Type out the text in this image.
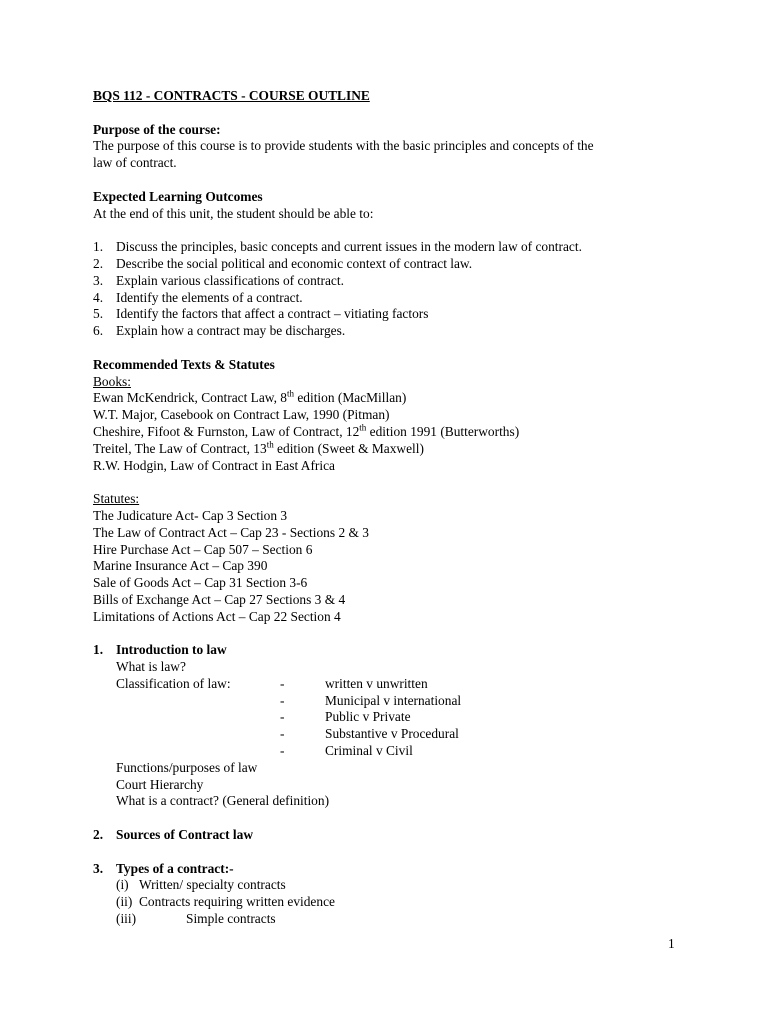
BQS 112 - CONTRACTS - COURSE OUTLINE

Purpose of the course:

The purpose of this course is to provide students with the basic principles and concepts of the

law of contract.

Expected Learning Outcomes

At the end of this unit, the student should be able to:

1. Discuss the principles, basic concepts and current issues in the modern law of contract.
2. Describe the social political and economic context of contract law.
3. Explain various classifications of contract.
4. Identify the elements of a contract.
5. Identify the factors that affect a contract – vitiating factors
6. Explain how a contract may be discharges.

Recommended Texts & Statutes

Books:

Ewan McKendrick, Contract Law, 8th edition (MacMillan)

W.T. Major, Casebook on Contract Law, 1990 (Pitman)

Cheshire, Fifoot & Furnston, Law of Contract, 12th edition 1991 (Butterworths)

Treitel, The Law of Contract, 13th edition (Sweet & Maxwell)

R.W. Hodgin, Law of Contract in East Africa

Statutes:

The Judicature Act- Cap 3 Section 3

The Law of Contract Act – Cap 23 - Sections 2 & 3

Hire Purchase Act – Cap 507 – Section 6

Marine Insurance Act – Cap 390

Sale of Goods Act – Cap 31 Section 3-6

Bills of Exchange Act – Cap 27 Sections 3 & 4

Limitations of Actions Act – Cap 22 Section 4

1. Introduction to law

What is law?

Classification of law:	-	written v unwritten
-	Municipal v international
-	Public v Private
-	Substantive v Procedural
-	Criminal v Civil

Functions/purposes of law

Court Hierarchy

What is a contract? (General definition)

2. Sources of Contract law

3. Types of a contract:-

(i) Written/ specialty contracts
(ii) Contracts requiring written evidence
(iii)	Simple contracts
1
